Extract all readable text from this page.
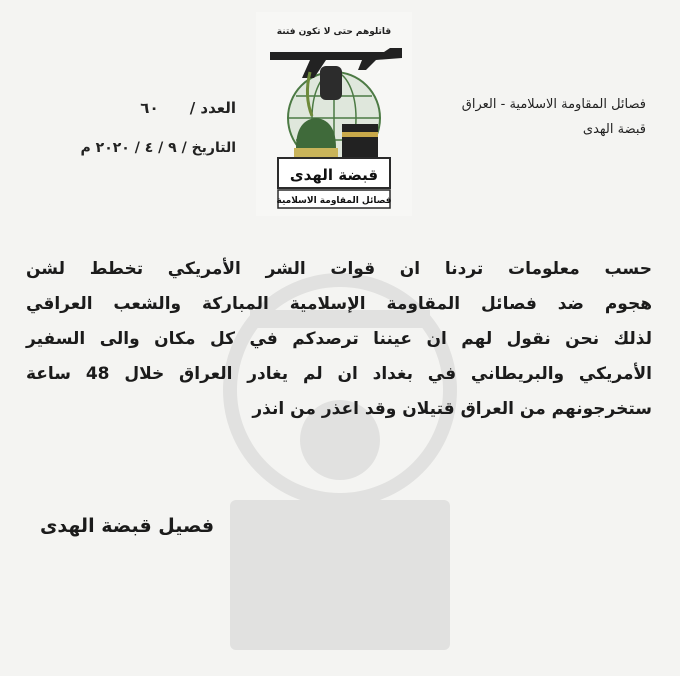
قاتلوهم حتى لا تكون فتنة
قبضة الهدى
فصائل المقاومة الاسلامية
فصائل المقاومة الاسلامية - العراق
قبضة الهدى
العدد / ٦٠
التاريخ / ٩ / ٤ / ٢٠٢٠ م
حسب معلومات تردنا ان قوات الشر الأمريكي تخطط لشن
هجوم ضد فصائل المقاومة الإسلامية المباركة والشعب العراقي
لذلك نحن نقول لهم ان عيننا ترصدكم في كل مكان والى السفير
الأمريكي والبريطاني في بغداد ان لم يغادر العراق خلال 48 ساعة
ستخرجونهم من العراق قتيلان وقد اعذر من انذر
فصيل قبضة الهدى
